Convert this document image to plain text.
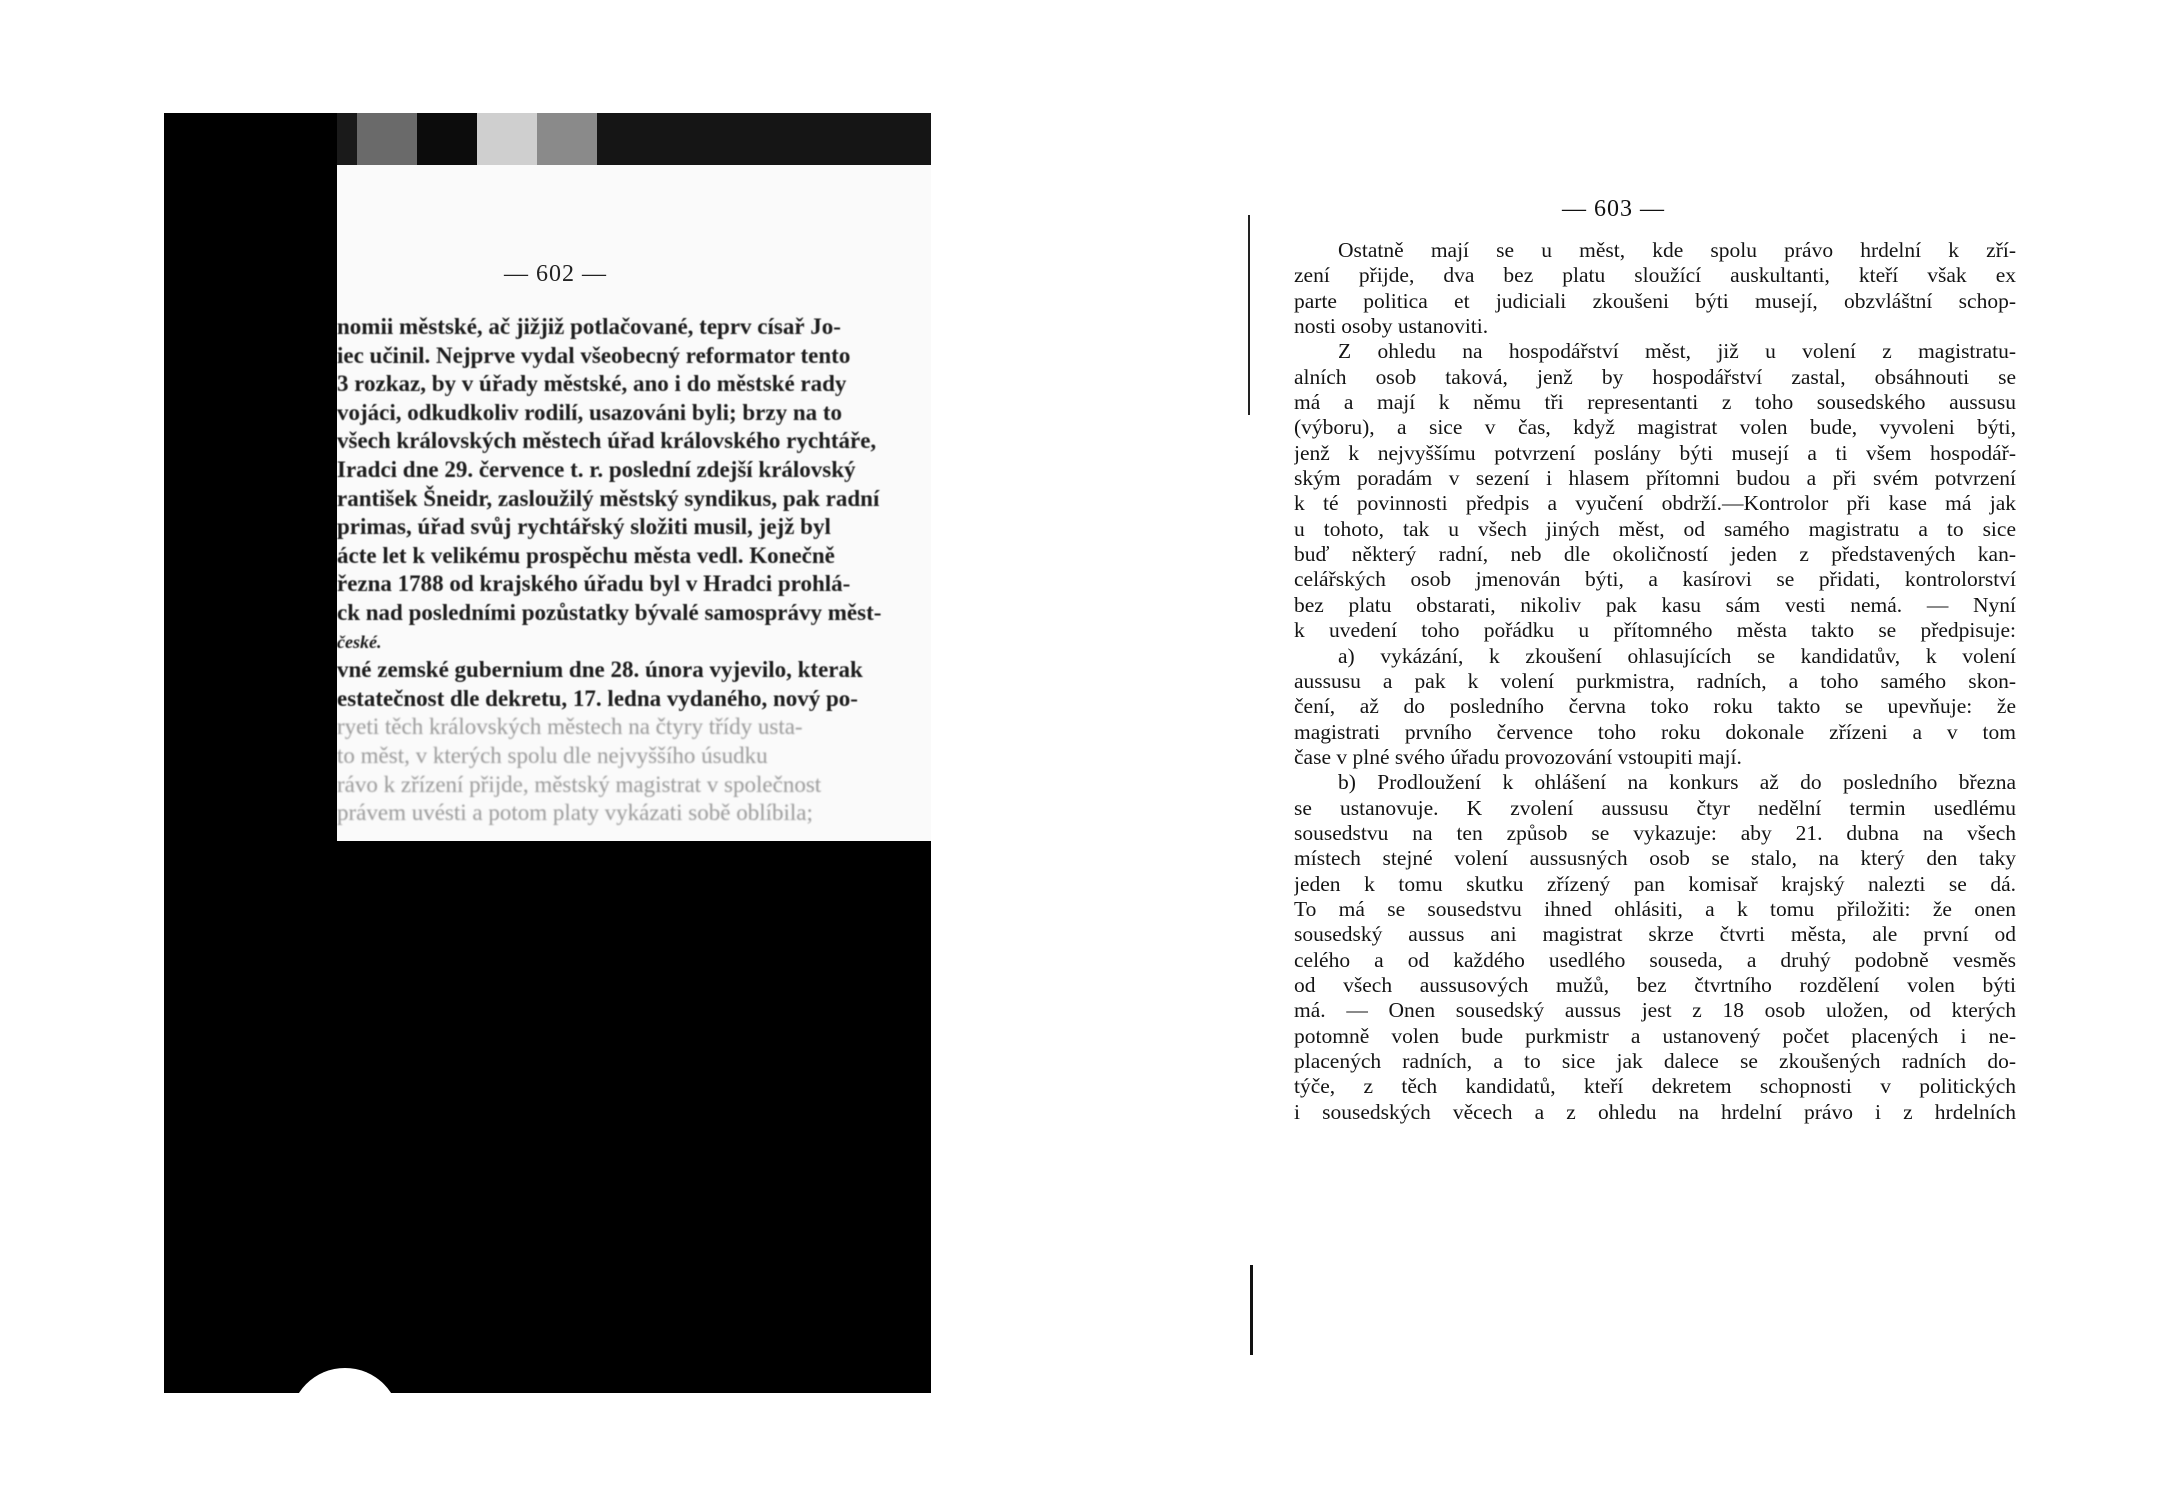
— 602 —
nomii městské, ač jižjiž potlačované, teprv císař Jo-
iec učinil. Nejprve vydal všeobecný reformator tento
3 rozkaz, by v úřady městské, ano i do městské rady
vojáci, odkudkoliv rodilí, usazováni byli; brzy na to
všech královských městech úřad královského rychtáře,
Iradci dne 29. července t. r. poslední zdejší královský
rantišek Šneidr, zasloužilý městský syndikus, pak radní
primas, úřad svůj rychtářský složiti musil, jejž byl
ácte let k velikému prospěchu města vedl. Konečně
řezna 1788 od krajského úřadu byl v Hradci prohlá-
ck nad posledními pozůstatky bývalé samosprávy měst-
české.
vné zemské gubernium dne 28. února vyjevilo, kterak
estatečnost dle dekretu, 17. ledna vydaného, nový po-
ryeti těch královských městech na čtyry třídy usta-
to měst, v kterých spolu dle nejvyššího úsudku
rávo k zřízení přijde, městský magistrat v společnost
právem uvésti a potom platy vykázati sobě oblíbila;
— 603 —
Ostatně mají se u měst, kde spolu právo hrdelní k zří-
zení přijde, dva bez platu sloužící auskultanti, kteří však ex
parte politica et judiciali zkoušeni býti musejí, obzvláštní schop-
nosti osoby ustanoviti.
Z ohledu na hospodářství měst, již u volení z magistratu-
alních osob taková, jenž by hospodářství zastal, obsáhnouti se
má a mají k němu tři representanti z toho sousedského aussusu
(výboru), a sice v čas, když magistrat volen bude, vyvoleni býti,
jenž k nejvyššímu potvrzení poslány býti musejí a ti všem hospodář-
ským poradám v sezení i hlasem přítomni budou a při svém potvrzení
k té povinnosti předpis a vyučení obdrží.—Kontrolor při kase má jak
u tohoto, tak u všech jiných měst, od samého magistratu a to sice
buď některý radní, neb dle okoličností jeden z představených kan-
celářských osob jmenován býti, a kasírovi se přidati, kontrolorství
bez platu obstarati, nikoliv pak kasu sám vesti nemá. — Nyní
k uvedení toho pořádku u přítomného města takto se předpisuje:
a) vykázání, k zkoušení ohlasujících se kandidatův, k volení
aussusu a pak k volení purkmistra, radních, a toho samého skon-
čení, až do posledního června toko roku takto se upevňuje: že
magistrati prvního července toho roku dokonale zřízeni a v tom
čase v plné svého úřadu provozování vstoupiti mají.
b) Prodloužení k ohlášení na konkurs až do posledního března
se ustanovuje. K zvolení aussusu čtyr nedělní termin usedlému
sousedstvu na ten způsob se vykazuje: aby 21. dubna na všech
místech stejné volení aussusných osob se stalo, na který den taky
jeden k tomu skutku zřízený pan komisař krajský nalezti se dá.
To má se sousedstvu ihned ohlásiti, a k tomu přiložiti: že onen
sousedský aussus ani magistrat skrze čtvrti města, ale první od
celého a od každého usedlého souseda, a druhý podobně vesměs
od všech aussusových mužů, bez čtvrtního rozdělení volen býti
má. — Onen sousedský aussus jest z 18 osob uložen, od kterých
potomně volen bude purkmistr a ustanovený počet placených i ne-
placených radních, a to sice jak dalece se zkoušených radních do-
týče, z těch kandidatů, kteří dekretem schopnosti v politických
i sousedských věcech a z ohledu na hrdelní právo i z hrdelních
